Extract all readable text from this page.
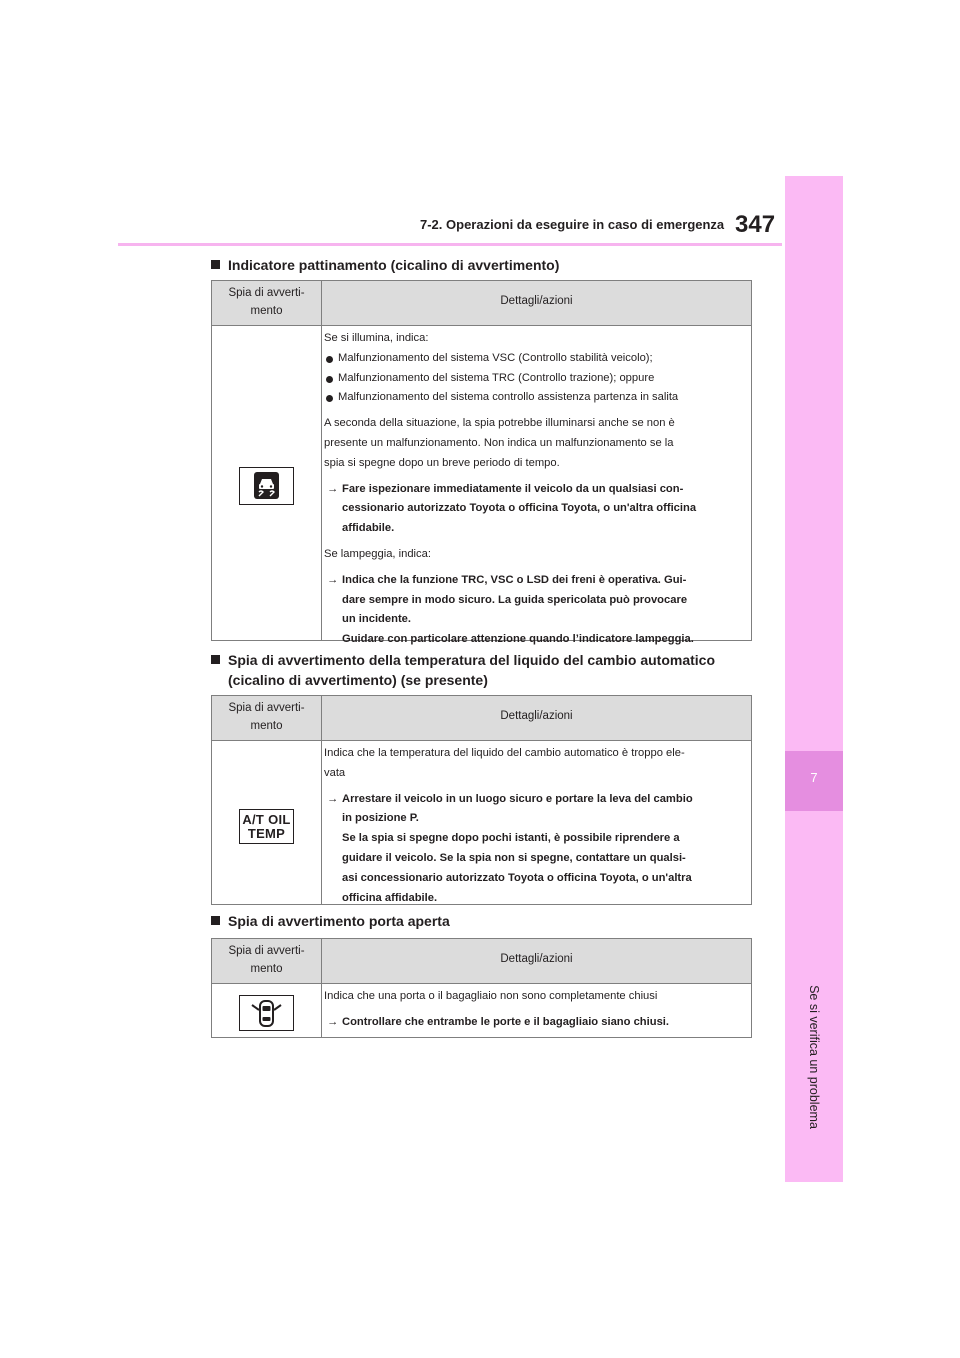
7-2. Operazioni da eseguire in caso di emergenza 347
7
Se si verifica un problema
Indicatore pattinamento (cicalino di avvertimento)
Spia di avverti-
mento
Dettagli/azioni

Se si illumina, indica:

Malfunzionamento del sistema VSC (Controllo stabilità veicolo);

Malfunzionamento del sistema TRC (Controllo trazione); oppure

Malfunzionamento del sistema controllo assistenza partenza in salita

A seconda della situazione, la spia potrebbe illuminarsi anche se non è

presente un malfunzionamento. Non indica un malfunzionamento se la

spia si spegne dopo un breve periodo di tempo.

→ Fare ispezionare immediatamente il veicolo da un qualsiasi con-

cessionario autorizzato Toyota o officina Toyota, o un'altra officina

affidabile.

Se lampeggia, indica:

→ Indica che la funzione TRC, VSC o LSD dei freni è operativa. Gui-

dare sempre in modo sicuro. La guida spericolata può provocare

un incidente.

Guidare con particolare attenzione quando l’indicatore lampeggia.

Spia di avvertimento della temperatura del liquido del cambio automatico
(cicalino di avvertimento) (se presente)
Spia di avverti-
mento
Dettagli/azioni
A/T OIL
TEMP

Indica che la temperatura del liquido del cambio automatico è troppo ele-

vata

→ Arrestare il veicolo in un luogo sicuro e portare la leva del cambio

in posizione P.

Se la spia si spegne dopo pochi istanti, è possibile riprendere a

guidare il veicolo. Se la spia non si spegne, contattare un qualsi-

asi concessionario autorizzato Toyota o officina Toyota, o un'altra

officina affidabile.

Spia di avvertimento porta aperta
Spia di avverti-
mento
Dettagli/azioni

Indica che una porta o il bagagliaio non sono completamente chiusi

→ Controllare che entrambe le porte e il bagagliaio siano chiusi.
